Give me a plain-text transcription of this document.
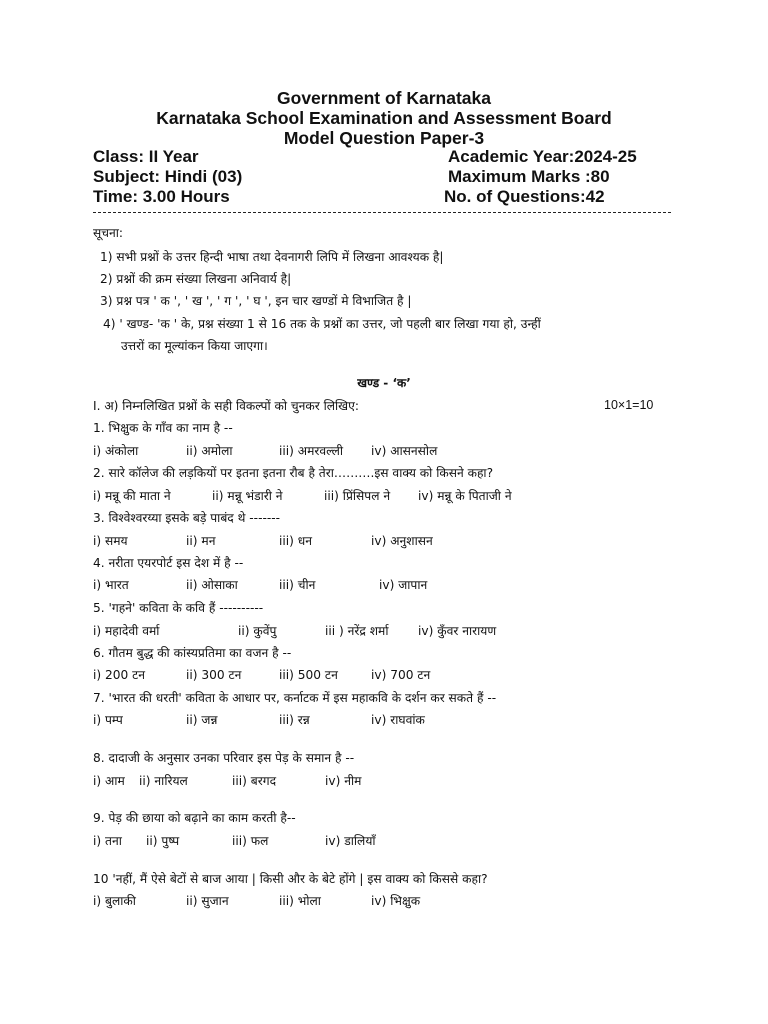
Government of Karnataka
Karnataka School Examination and Assessment Board
Model Question Paper-3
Class: II Year	Academic Year:2024-25
Subject: Hindi (03)	Maximum Marks :80
Time: 3.00 Hours	No. of Questions:42
सूचना:
1) सभी प्रश्नों के उत्तर हिन्दी भाषा तथा देवनागरी लिपि में लिखना आवश्यक है|
2) प्रश्नों की क्रम संख्या लिखना अनिवार्य है|
3) प्रश्न पत्र ' क ', ' ख ', ' ग ', ' घ ', इन चार खण्डों मे विभाजित है |
4) ' खण्ड- 'क ' के, प्रश्न संख्या 1 से 16 तक के प्रश्नों का उत्तर, जो पहली बार लिखा गया हो, उन्हीं
उत्तरों का मूल्यांकन किया जाएगा।
खण्ड - ‘क’
I. अ) निम्नलिखित प्रश्नों के सही विकल्पों को चुनकर लिखिए:	10×1=10
1. भिक्षुक के गाँव का नाम है --
i) अंकोला	ii) अमोला	iii) अमरवल्ली iv) आसनसोल
2. सारे कॉलेज की लड़कियों पर इतना इतना रौब है तेरा……….इस वाक्य को किसने कहा?
i) मन्नू की माता ने	ii) मन्नू भंडारी ने	iii) प्रिंसिपल ने iv) मन्नू के पिताजी ने
3. विश्वेश्वरय्या इसके बड़े पाबंद थे -------
i) समय	ii) मन	iii) धन	iv) अनुशासन
4. नरीता एयरपोर्ट इस देश में है --
i) भारत	ii) ओसाका	iii) चीन	iv) जापान
5. 'गहने' कविता के कवि हैं ----------
i) महादेवी वर्मा	ii) कुवेंपु	iii ) नरेंद्र शर्मा iv) कुँवर नारायण
6. गौतम बुद्ध की कांस्यप्रतिमा का वजन है --
i) 200 टन	ii) 300 टन	iii) 500 टन	iv) 700 टन
7. 'भारत की धरती' कविता के आधार पर, कर्नाटक में इस महाकवि के दर्शन कर सकते हैं --
i) पम्प	ii) जन्न	iii) रन्न	iv) राघवांक
8. दादाजी के अनुसार उनका परिवार इस पेड़ के समान है --
i) आम ii) नारियल	iii) बरगद	iv) नीम
9. पेड़ की छाया को बढ़ाने का काम करती है--
i) तना ii) पुष्प	iii) फल	iv) डालियाँ
10 'नहीं, मैं ऐसे बेटों से बाज आया | किसी और के बेटे होंगे | इस वाक्य को किससे कहा?
i) बुलाकी	ii) सुजान	iii) भोला	iv) भिक्षुक
